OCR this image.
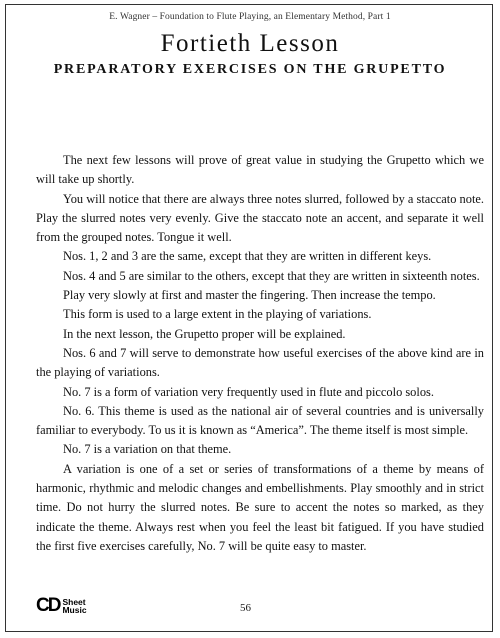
E. Wagner – Foundation to Flute Playing, an Elementary Method, Part 1
Fortieth Lesson
PREPARATORY EXERCISES ON THE GRUPETTO

The next few lessons will prove of great value in studying the Grupetto which we will take up shortly.

You will notice that there are always three notes slurred, followed by a staccato note. Play the slurred notes very evenly. Give the staccato note an accent, and separate it well from the grouped notes. Tongue it well.

Nos. 1, 2 and 3 are the same, except that they are written in different keys.

Nos. 4 and 5 are similar to the others, except that they are written in sixteenth notes.

Play very slowly at first and master the fingering. Then increase the tempo.

This form is used to a large extent in the playing of variations.

In the next lesson, the Grupetto proper will be explained.

Nos. 6 and 7 will serve to demonstrate how useful exercises of the above kind are in the playing of variations.

No. 7 is a form of variation very frequently used in flute and piccolo solos.

No. 6. This theme is used as the national air of several countries and is universally familiar to everybody. To us it is known as “America”. The theme itself is most simple.

No. 7 is a variation on that theme.

A variation is one of a set or series of transformations of a theme by means of harmonic, rhythmic and melodic changes and embellishments. Play smoothly and in strict time. Do not hurry the slurred notes. Be sure to accent the notes so marked, as they indicate the theme. Always rest when you feel the least bit fatigued. If you have studied the first five exercises carefully, No. 7 will be quite easy to master.

CD Sheet
Music	56
